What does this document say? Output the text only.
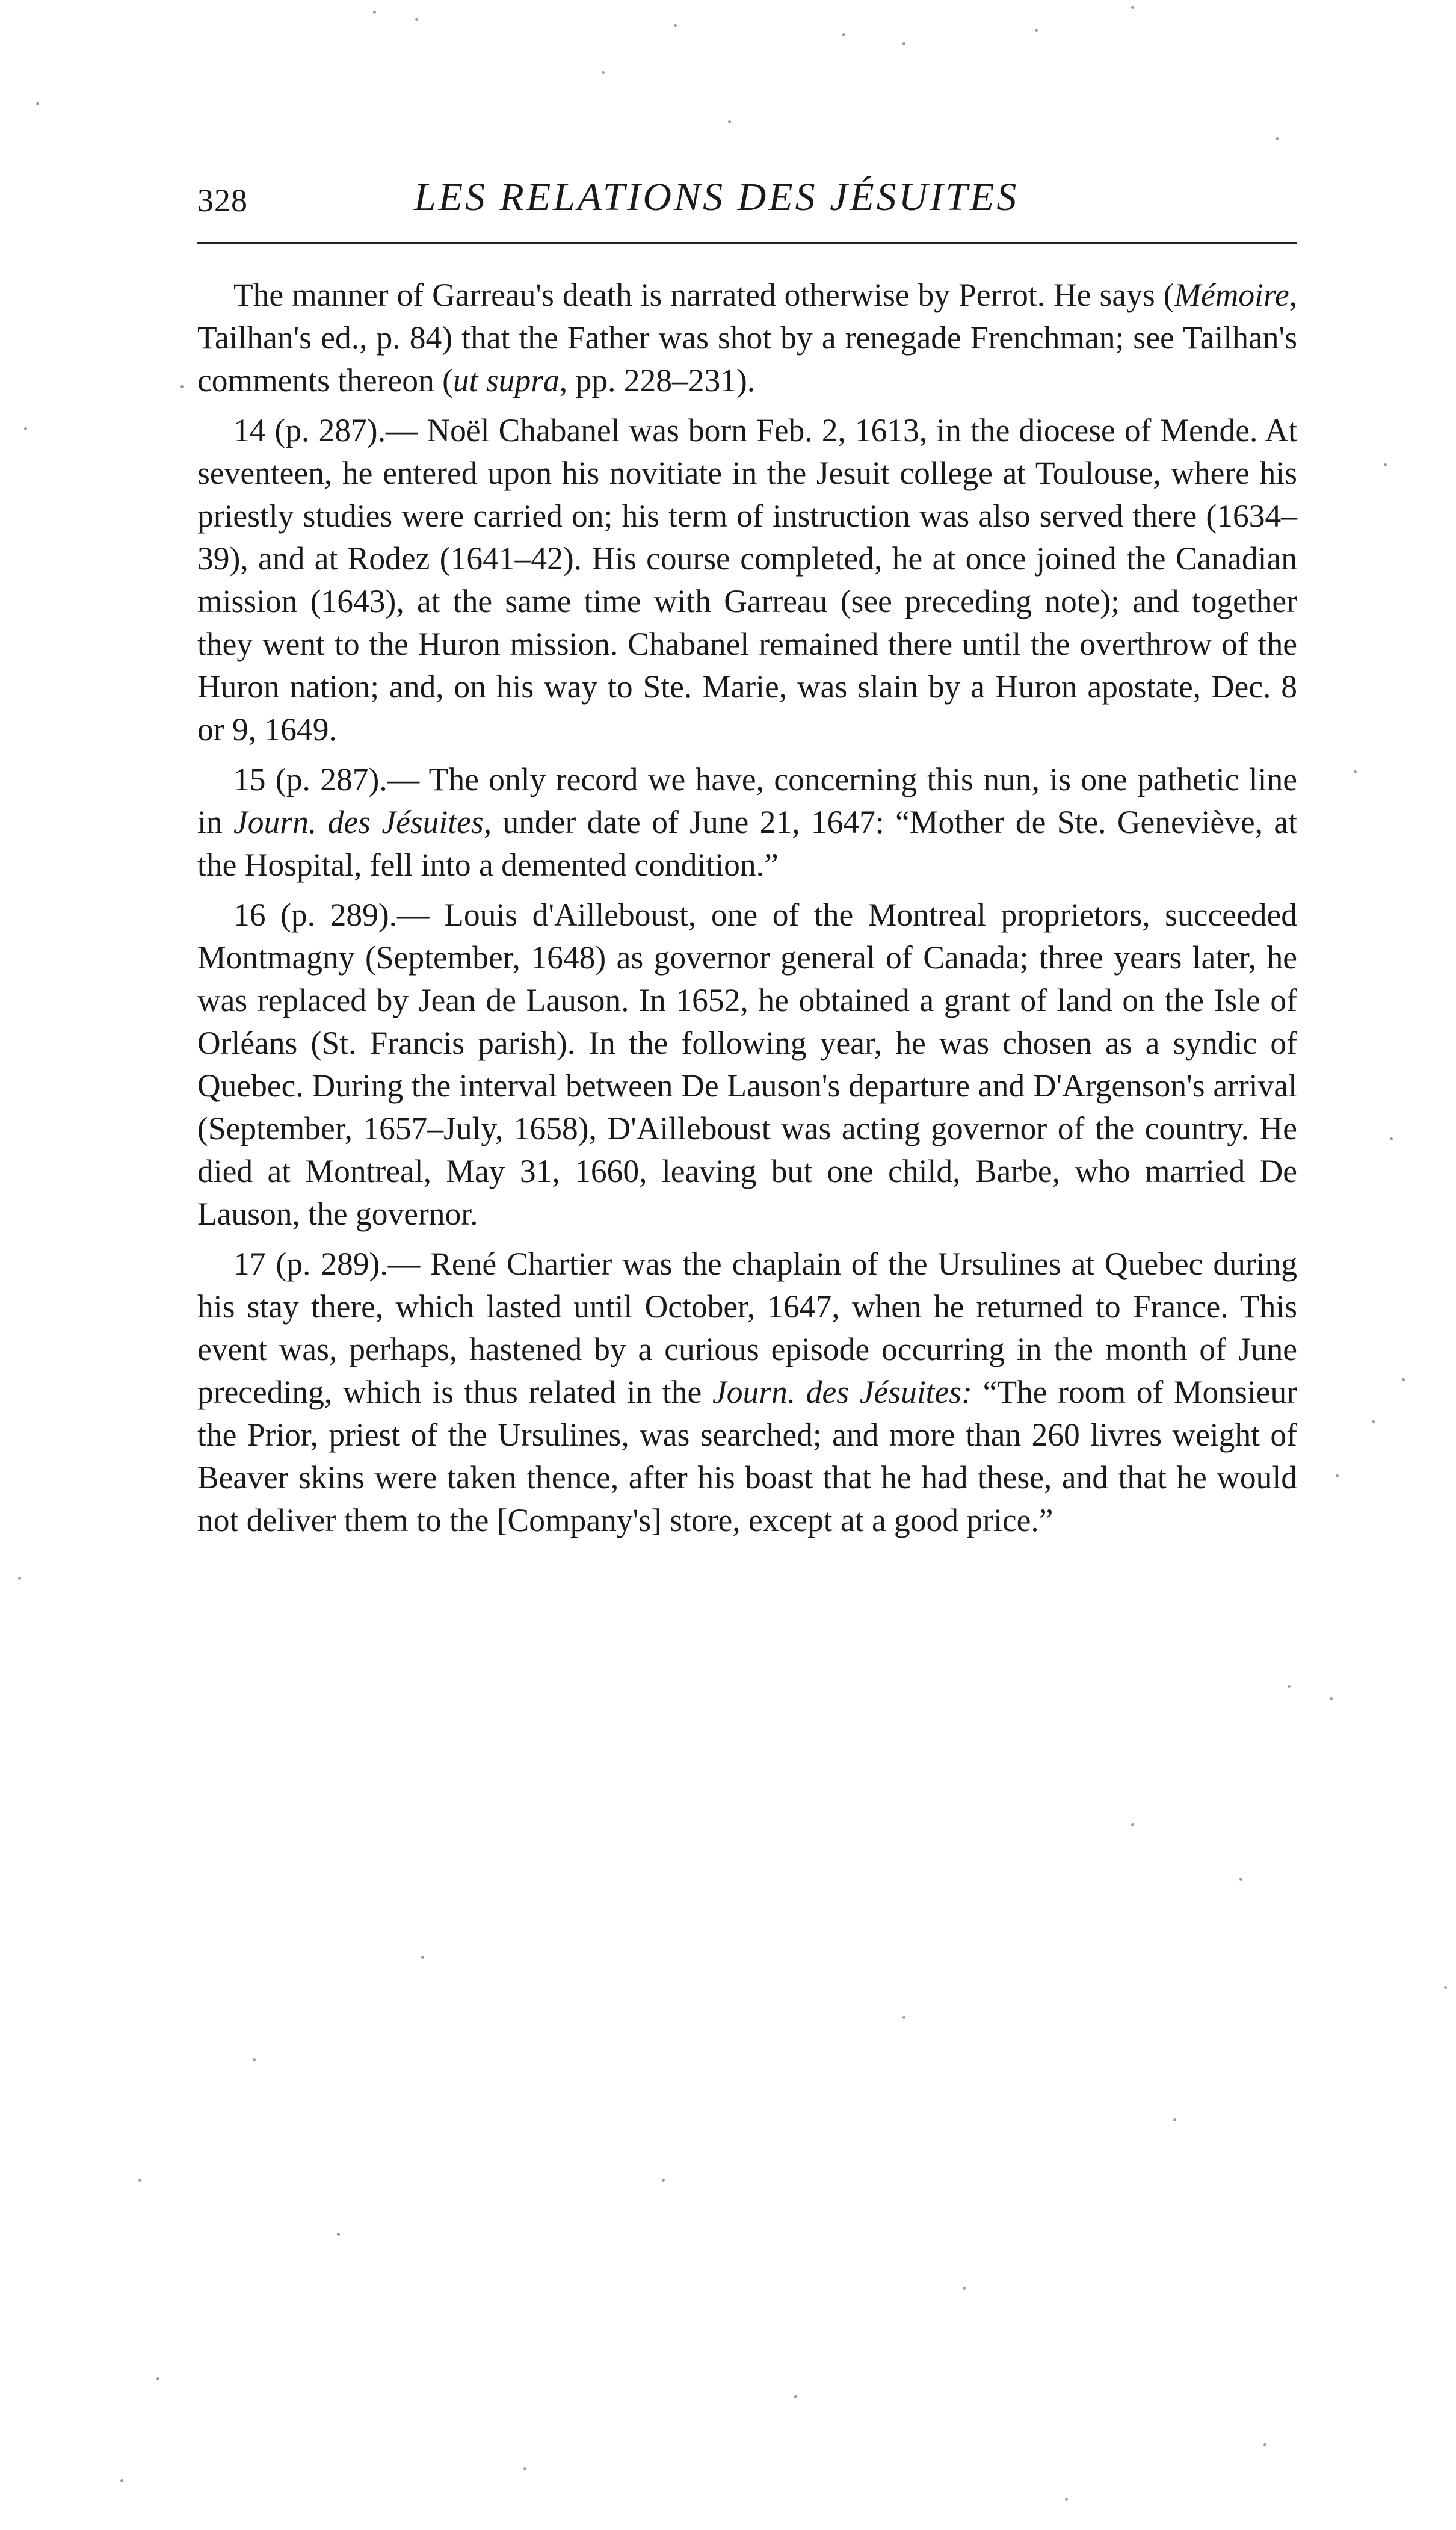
328	LES RELATIONS DES JÉSUITES

The manner of Garreau's death is narrated otherwise by Perrot. He says (Mémoire, Tailhan's ed., p. 84) that the Father was shot by a renegade Frenchman; see Tailhan's comments thereon (ut supra, pp. 228–231).

14 (p. 287).— Noël Chabanel was born Feb. 2, 1613, in the diocese of Mende. At seventeen, he entered upon his novitiate in the Jesuit college at Toulouse, where his priestly studies were carried on; his term of instruction was also served there (1634–39), and at Rodez (1641–42). His course completed, he at once joined the Canadian mission (1643), at the same time with Garreau (see preceding note); and together they went to the Huron mission. Chabanel remained there until the overthrow of the Huron nation; and, on his way to Ste. Marie, was slain by a Huron apostate, Dec. 8 or 9, 1649.

15 (p. 287).— The only record we have, concerning this nun, is one pathetic line in Journ. des Jésuites, under date of June 21, 1647: “Mother de Ste. Geneviève, at the Hospital, fell into a demented condition.”

16 (p. 289).— Louis d'Ailleboust, one of the Montreal proprietors, succeeded Montmagny (September, 1648) as governor general of Canada; three years later, he was replaced by Jean de Lauson. In 1652, he obtained a grant of land on the Isle of Orléans (St. Francis parish). In the following year, he was chosen as a syndic of Quebec. During the interval between De Lauson's departure and D'Argenson's arrival (September, 1657–July, 1658), D'Ailleboust was acting governor of the country. He died at Montreal, May 31, 1660, leaving but one child, Barbe, who married De Lauson, the governor.

17 (p. 289).— René Chartier was the chaplain of the Ursulines at Quebec during his stay there, which lasted until October, 1647, when he returned to France. This event was, perhaps, hastened by a curious episode occurring in the month of June preceding, which is thus related in the Journ. des Jésuites: “The room of Monsieur the Prior, priest of the Ursulines, was searched; and more than 260 livres weight of Beaver skins were taken thence, after his boast that he had these, and that he would not deliver them to the [Company's] store, except at a good price.”
